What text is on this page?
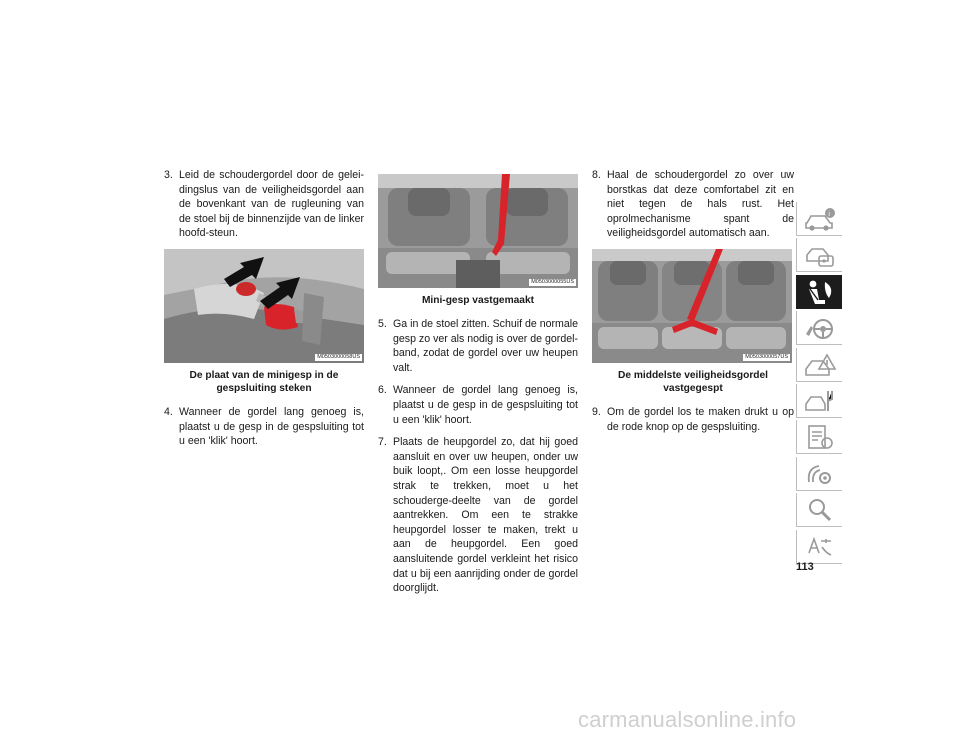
3. Leid de schoudergordel door de gelei-dingslus van de veiligheidsgordel aan de bovenkant van de rugleuning van de stoel bij de binnenzijde van de linker hoofd-steun.
M0503000058US
De plaat van de minigesp in de
gespsluiting steken
4. Wanneer de gordel lang genoeg is, plaatst u de gesp in de gespsluiting tot u een 'klik' hoort.
M0503000055US
Mini-gesp vastgemaakt
5. Ga in de stoel zitten. Schuif de normale gesp zo ver als nodig is over de gordel-band, zodat de gordel over uw heupen valt.
6. Wanneer de gordel lang genoeg is, plaatst u de gesp in de gespsluiting tot u een 'klik' hoort.
7. Plaats de heupgordel zo, dat hij goed aansluit en over uw heupen, onder uw buik loopt,. Om een losse heupgordel strak te trekken, moet u het schouderge-deelte van de gordel aantrekken. Om een te strakke heupgordel losser te maken, trekt u aan de heupgordel. Een goed aansluitende gordel verkleint het risico dat u bij een aanrijding onder de gordel doorglijdt.
8. Haal de schoudergordel zo over uw borstkas dat deze comfortabel zit en niet tegen de hals rust. Het oprolmechanisme spant de veiligheidsgordel automatisch aan.
M0503000057US
De middelste veiligheidsgordel vastgegespt
9. Om de gordel los te maken drukt u op de rode knop op de gespsluiting.
i
113
carmanualsonline.info
